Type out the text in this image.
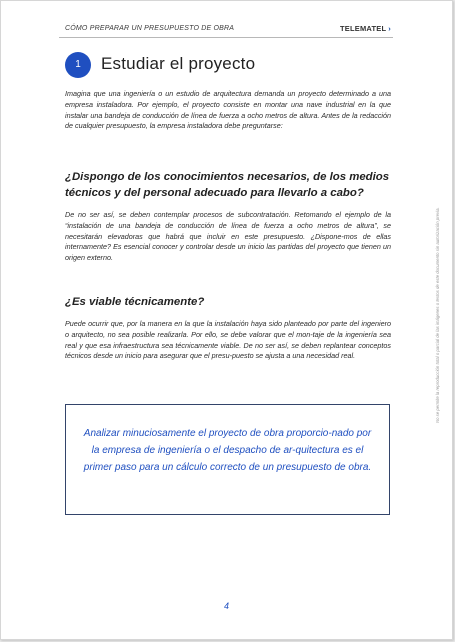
CÓMO PREPARAR UN PRESUPUESTO DE OBRA	TELEMATEL ›
1	Estudiar el proyecto

Imagina que una ingeniería o un estudio de arquitectura demanda un proyecto determinado a una empresa instaladora. Por ejemplo, el proyecto consiste en montar una nave industrial en la que instalar una bandeja de conducción de línea de fuerza a ocho metros de altura. Antes de la redacción de cualquier presupuesto, la empresa instaladora debe preguntarse:

¿Dispongo de los conocimientos necesarios, de los medios técnicos y del personal adecuado para llevarlo a cabo?

De no ser así, se deben contemplar procesos de subcontratación. Retomando el ejemplo de la “instalación de una bandeja de conducción de línea de fuerza a ocho metros de altura”, se necesitarán elevadoras que habrá que incluir en este presupuesto. ¿Dispone-mos de ellas internamente? Es esencial conocer y controlar desde un inicio las partidas del proyecto que tienen un origen externo.

¿Es viable técnicamente?

Puede ocurrir que, por la manera en la que la instalación haya sido planteado por parte del ingeniero o arquitecto, no sea posible realizarla. Por ello, se debe valorar que el mon-taje de la ingeniería sea real y que esa infraestructura sea técnicamente viable. De no ser así, se deben replantear conceptos técnicos desde un inicio para asegurar que el presu-puesto se ajusta a una necesidad real.

Analizar minuciosamente el proyecto de obra proporcio-nado por la empresa de ingeniería o el despacho de ar-quitectura es el primer paso para un cálculo correcto de un presupuesto de obra.

4
No se permite la reproducción total o parcial de las imágenes o textos de este documento sin autorización previa.
